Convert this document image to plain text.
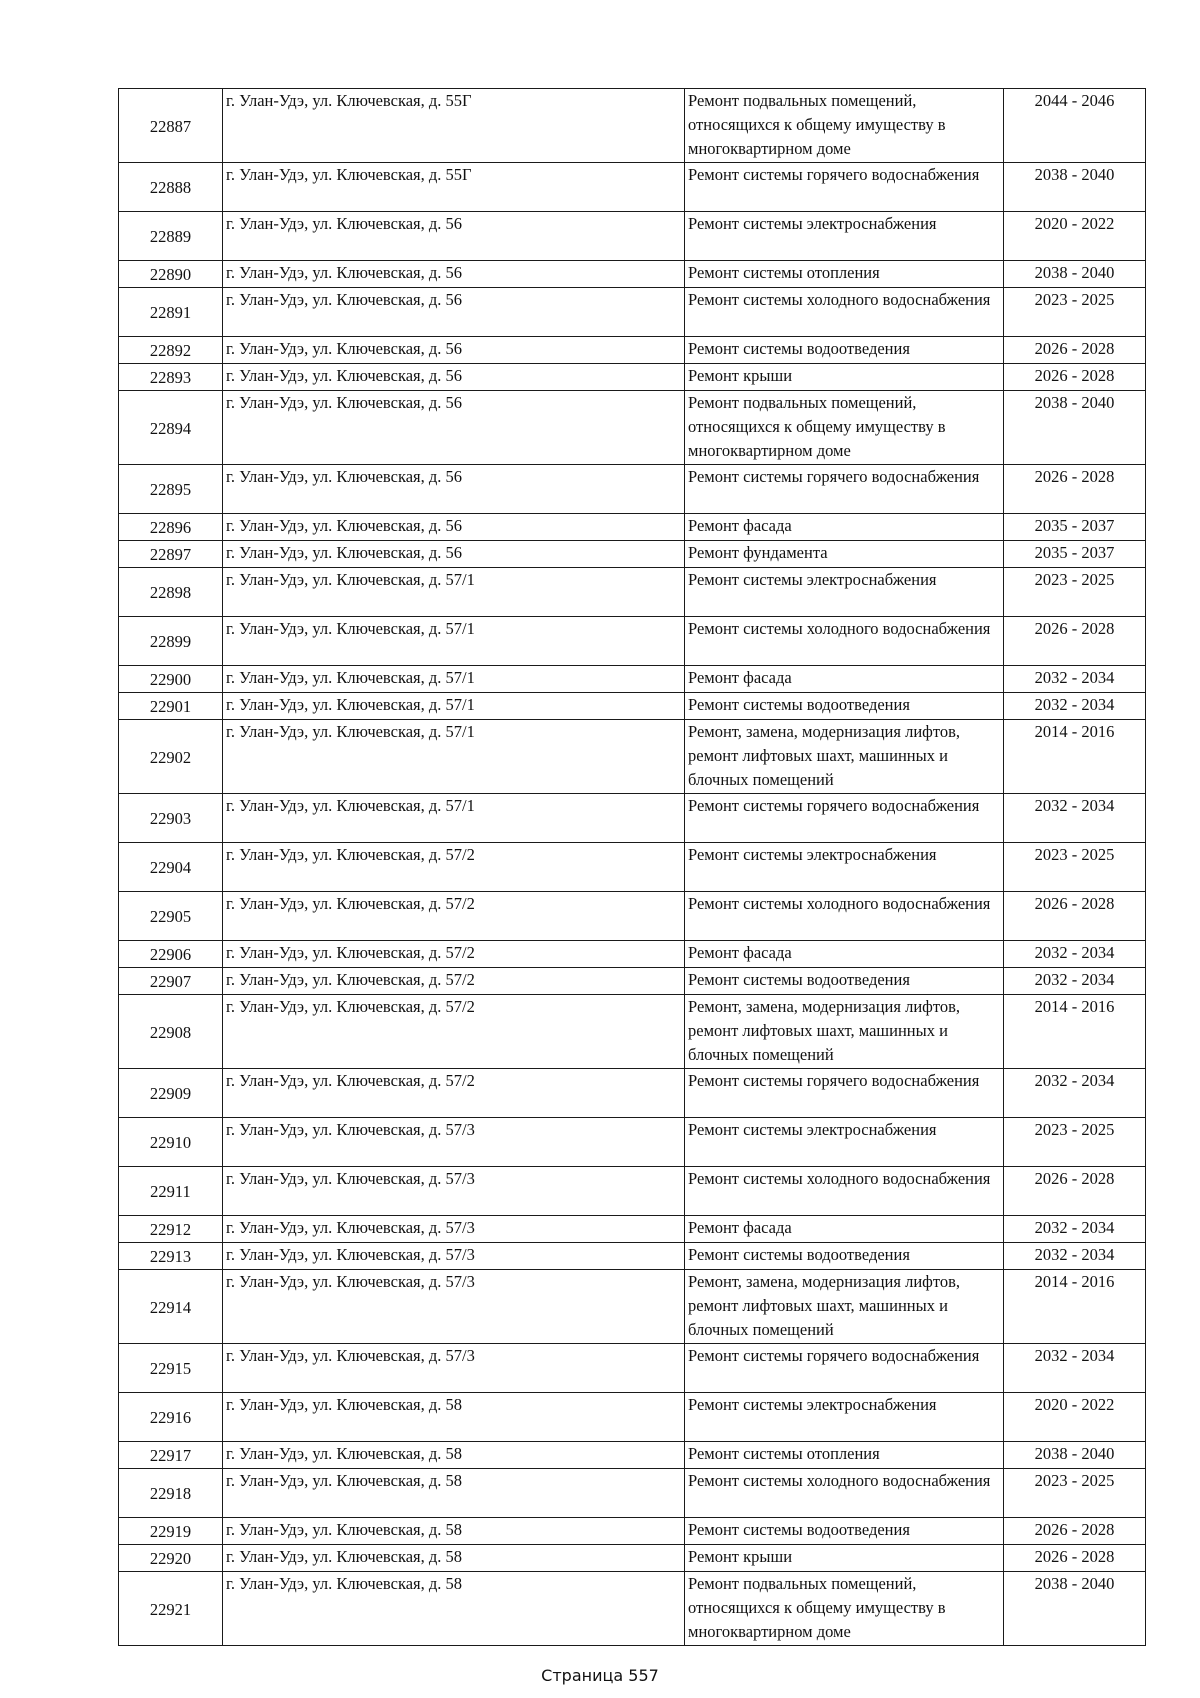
22887	г. Улан-Удэ, ул. Ключевская, д. 55Г	Ремонт подвальных помещений, относящихся к общему имуществу в многоквартирном доме	2044 - 2046
22888	г. Улан-Удэ, ул. Ключевская, д. 55Г	Ремонт системы горячего водоснабжения	2038 - 2040
22889	г. Улан-Удэ, ул. Ключевская, д. 56	Ремонт системы электроснабжения	2020 - 2022
22890	г. Улан-Удэ, ул. Ключевская, д. 56	Ремонт системы отопления	2038 - 2040
22891	г. Улан-Удэ, ул. Ключевская, д. 56	Ремонт системы холодного водоснабжения	2023 - 2025
22892	г. Улан-Удэ, ул. Ключевская, д. 56	Ремонт системы водоотведения	2026 - 2028
22893	г. Улан-Удэ, ул. Ключевская, д. 56	Ремонт крыши	2026 - 2028
22894	г. Улан-Удэ, ул. Ключевская, д. 56	Ремонт подвальных помещений, относящихся к общему имуществу в многоквартирном доме	2038 - 2040
22895	г. Улан-Удэ, ул. Ключевская, д. 56	Ремонт системы горячего водоснабжения	2026 - 2028
22896	г. Улан-Удэ, ул. Ключевская, д. 56	Ремонт фасада	2035 - 2037
22897	г. Улан-Удэ, ул. Ключевская, д. 56	Ремонт фундамента	2035 - 2037
22898	г. Улан-Удэ, ул. Ключевская, д. 57/1	Ремонт системы электроснабжения	2023 - 2025
22899	г. Улан-Удэ, ул. Ключевская, д. 57/1	Ремонт системы холодного водоснабжения	2026 - 2028
22900	г. Улан-Удэ, ул. Ключевская, д. 57/1	Ремонт фасада	2032 - 2034
22901	г. Улан-Удэ, ул. Ключевская, д. 57/1	Ремонт системы водоотведения	2032 - 2034
22902	г. Улан-Удэ, ул. Ключевская, д. 57/1	Ремонт, замена, модернизация лифтов, ремонт лифтовых шахт, машинных и блочных помещений	2014 - 2016
22903	г. Улан-Удэ, ул. Ключевская, д. 57/1	Ремонт системы горячего водоснабжения	2032 - 2034
22904	г. Улан-Удэ, ул. Ключевская, д. 57/2	Ремонт системы электроснабжения	2023 - 2025
22905	г. Улан-Удэ, ул. Ключевская, д. 57/2	Ремонт системы холодного водоснабжения	2026 - 2028
22906	г. Улан-Удэ, ул. Ключевская, д. 57/2	Ремонт фасада	2032 - 2034
22907	г. Улан-Удэ, ул. Ключевская, д. 57/2	Ремонт системы водоотведения	2032 - 2034
22908	г. Улан-Удэ, ул. Ключевская, д. 57/2	Ремонт, замена, модернизация лифтов, ремонт лифтовых шахт, машинных и блочных помещений	2014 - 2016
22909	г. Улан-Удэ, ул. Ключевская, д. 57/2	Ремонт системы горячего водоснабжения	2032 - 2034
22910	г. Улан-Удэ, ул. Ключевская, д. 57/3	Ремонт системы электроснабжения	2023 - 2025
22911	г. Улан-Удэ, ул. Ключевская, д. 57/3	Ремонт системы холодного водоснабжения	2026 - 2028
22912	г. Улан-Удэ, ул. Ключевская, д. 57/3	Ремонт фасада	2032 - 2034
22913	г. Улан-Удэ, ул. Ключевская, д. 57/3	Ремонт системы водоотведения	2032 - 2034
22914	г. Улан-Удэ, ул. Ключевская, д. 57/3	Ремонт, замена, модернизация лифтов, ремонт лифтовых шахт, машинных и блочных помещений	2014 - 2016
22915	г. Улан-Удэ, ул. Ключевская, д. 57/3	Ремонт системы горячего водоснабжения	2032 - 2034
22916	г. Улан-Удэ, ул. Ключевская, д. 58	Ремонт системы электроснабжения	2020 - 2022
22917	г. Улан-Удэ, ул. Ключевская, д. 58	Ремонт системы отопления	2038 - 2040
22918	г. Улан-Удэ, ул. Ключевская, д. 58	Ремонт системы холодного водоснабжения	2023 - 2025
22919	г. Улан-Удэ, ул. Ключевская, д. 58	Ремонт системы водоотведения	2026 - 2028
22920	г. Улан-Удэ, ул. Ключевская, д. 58	Ремонт крыши	2026 - 2028
22921	г. Улан-Удэ, ул. Ключевская, д. 58	Ремонт подвальных помещений, относящихся к общему имуществу в многоквартирном доме	2038 - 2040
Страница 557
